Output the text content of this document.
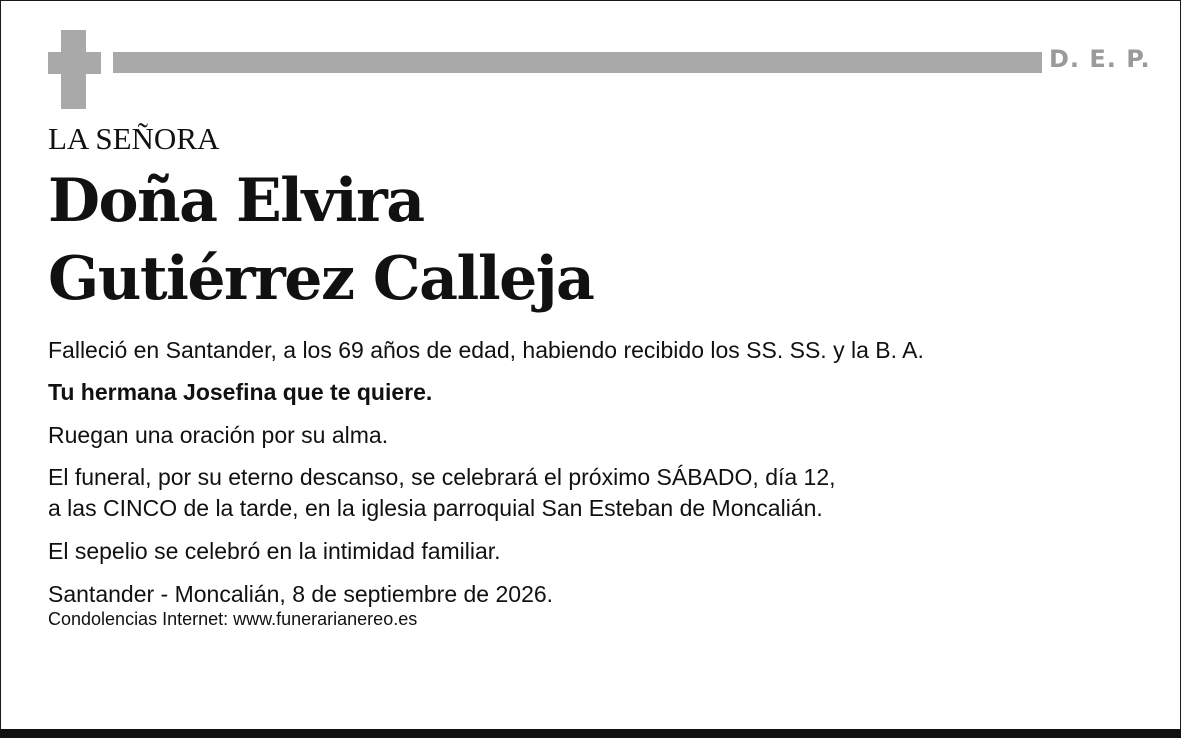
D. E. P.
LA SEÑORA
Doña Elvira
Gutiérrez Calleja
Falleció en Santander, a los 69 años de edad, habiendo recibido los SS. SS. y la B. A.
Tu hermana Josefina que te quiere.
Ruegan una oración por su alma.
El funeral, por su eterno descanso, se celebrará el próximo SÁBADO, día 12,
a las CINCO de la tarde, en la iglesia parroquial San Esteban de Moncalián.
El sepelio se celebró en la intimidad familiar.
Santander - Moncalián, 8 de septiembre de 2026.
Condolencias Internet: www.funerarianereo.es
